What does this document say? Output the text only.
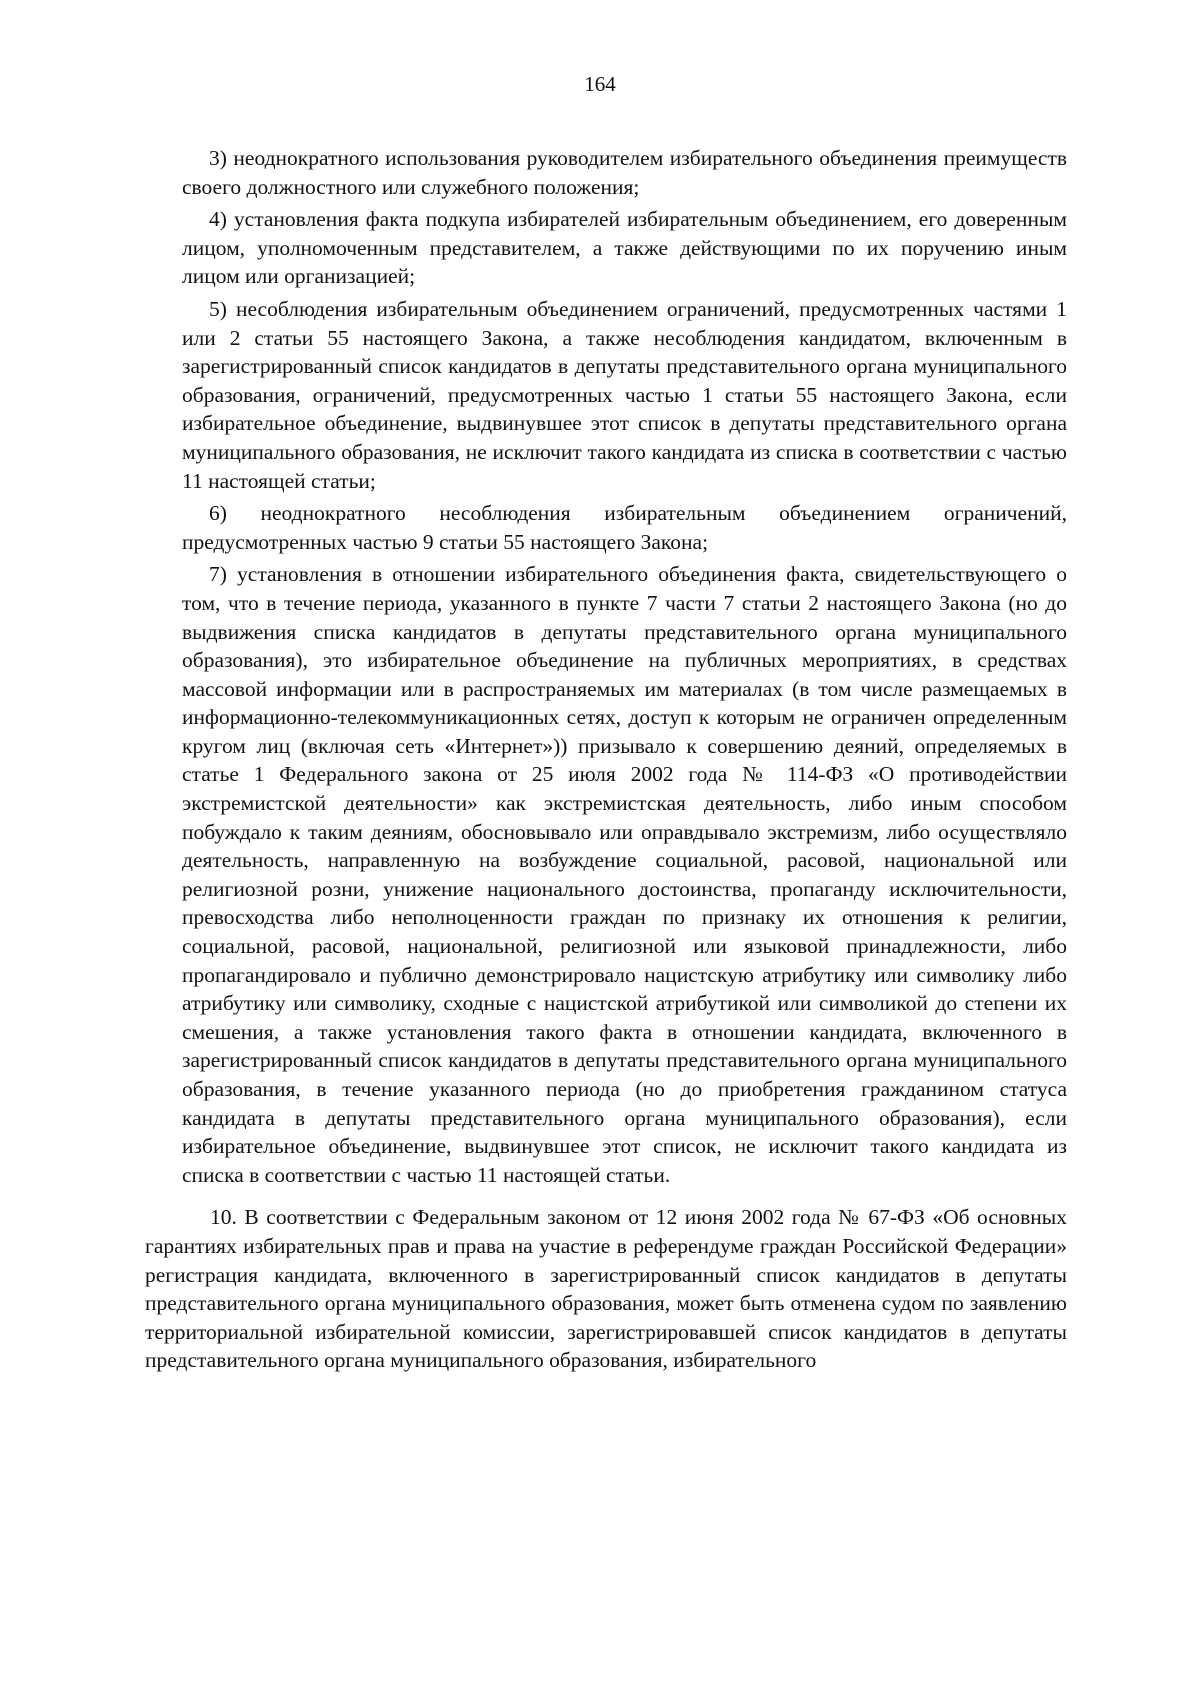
164

3) неоднократного использования руководителем избирательного объединения преимуществ своего должностного или служебного положения;

4) установления факта подкупа избирателей избирательным объединением, его доверенным лицом, уполномоченным представителем, а также действующими по их поручению иным лицом или организацией;

5) несоблюдения избирательным объединением ограничений, предусмотренных частями 1 или 2 статьи 55 настоящего Закона, а также несоблюдения кандидатом, включенным в зарегистрированный список кандидатов в депутаты представительного органа муниципального образования, ограничений, предусмотренных частью 1 статьи 55 настоящего Закона, если избирательное объединение, выдвинувшее этот список в депутаты представительного органа муниципального образования, не исключит такого кандидата из списка в соответствии с частью 11 настоящей статьи;

6) неоднократного несоблюдения избирательным объединением ограничений, предусмотренных частью 9 статьи 55 настоящего Закона;

7) установления в отношении избирательного объединения факта, свидетельствующего о том, что в течение периода, указанного в пункте 7 части 7 статьи 2 настоящего Закона (но до выдвижения списка кандидатов в депутаты представительного органа муниципального образования), это избирательное объединение на публичных мероприятиях, в средствах массовой информации или в распространяемых им материалах (в том числе размещаемых в информационно-телекоммуникационных сетях, доступ к которым не ограничен определенным кругом лиц (включая сеть «Интернет»)) призывало к совершению деяний, определяемых в статье 1 Федерального закона от 25 июля 2002 года № 114-ФЗ «О противодействии экстремистской деятельности» как экстремистская деятельность, либо иным способом побуждало к таким деяниям, обосновывало или оправдывало экстремизм, либо осуществляло деятельность, направленную на возбуждение социальной, расовой, национальной или религиозной розни, унижение национального достоинства, пропаганду исключительности, превосходства либо неполноценности граждан по признаку их отношения к религии, социальной, расовой, национальной, религиозной или языковой принадлежности, либо пропагандировало и публично демонстрировало нацистскую атрибутику или символику либо атрибутику или символику, сходные с нацистской атрибутикой или символикой до степени их смешения, а также установления такого факта в отношении кандидата, включенного в зарегистрированный список кандидатов в депутаты представительного органа муниципального образования, в течение указанного периода (но до приобретения гражданином статуса кандидата в депутаты представительного органа муниципального образования), если избирательное объединение, выдвинувшее этот список, не исключит такого кандидата из списка в соответствии с частью 11 настоящей статьи.

10. В соответствии с Федеральным законом от 12 июня 2002 года № 67-ФЗ «Об основных гарантиях избирательных прав и права на участие в референдуме граждан Российской Федерации» регистрация кандидата, включенного в зарегистрированный список кандидатов в депутаты представительного органа муниципального образования, может быть отменена судом по заявлению территориальной избирательной комиссии, зарегистрировавшей список кандидатов в депутаты представительного органа муниципального образования, избирательного
